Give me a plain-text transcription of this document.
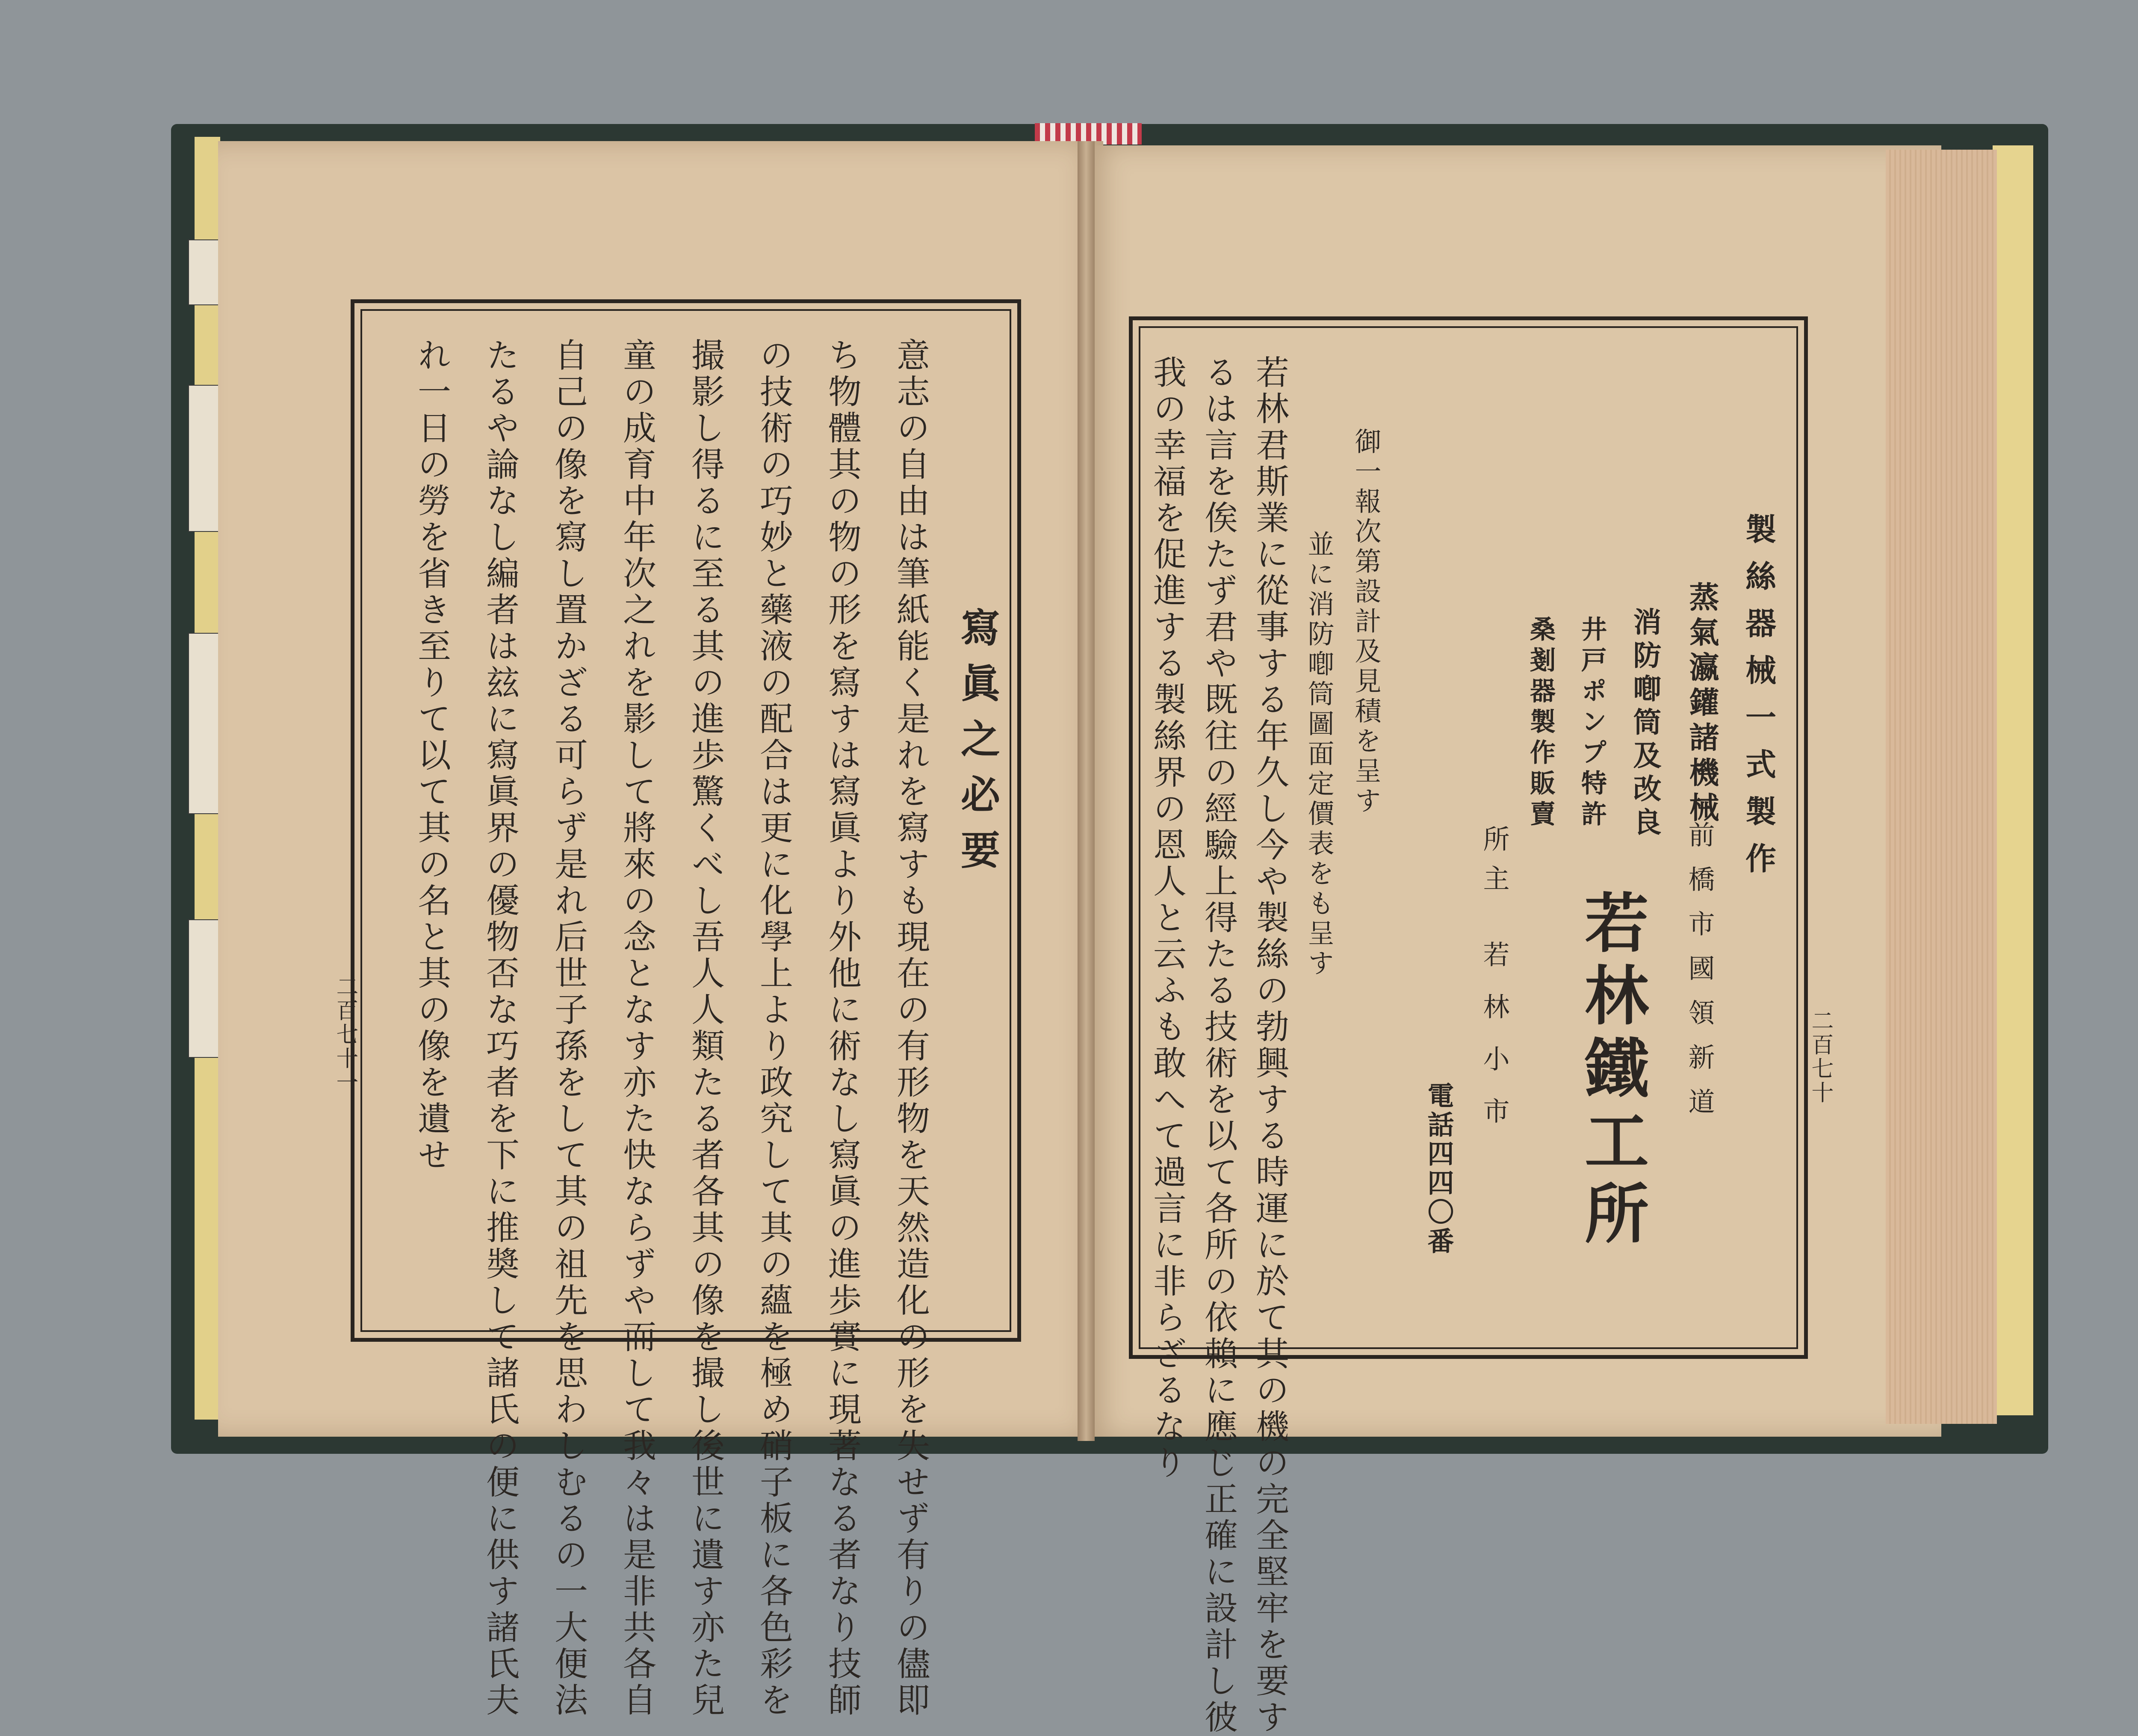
寫眞之必要
意志の自由は筆紙能く是れを寫すも現在の有形物を天然造化の形を失せず有りの儘即
ち物體其の物の形を寫すは寫眞より外他に術なし寫眞の進歩實に現著なる者なり技師
の技術の巧妙と藥液の配合は更に化學上より政究して其の蘊を極め硝子板に各色彩を
撮影し得るに至る其の進歩驚くべし吾人人類たる者各其の像を撮し後世に遺す亦た兒
童の成育中年次之れを影して將來の念となす亦た快ならずや而して我々は是非共各自
自己の像を寫し置かざる可らず是れ后世子孫をして其の祖先を思わしむるの一大便法
たるや論なし編者は玆に寫眞界の優物否な巧者を下に推奬して諸氏の便に供す諸氏夫
れ一日の勞を省き至りて以て其の名と其の像を遺せ
二百七十一	二百七十
製絲器械一式製作
蒸氣瀛鑵諸機械
消防喞筒及改良
井戸ポンプ特許
桑剗器製作販賣
前橋市國領新道
所主
若林小市 若林鐵工所
電話四四〇番
御一報次第設計及見積を呈す
並に消防喞筒圖面定價表をも呈す
若林君斯業に從事する年久し今や製絲の勃興する時運に於て其の機の完全堅牢を要す
るは言を俟たず君や既往の經驗上得たる技術を以て各所の依賴に應じ正確に設計し彼
我の幸福を促進する製絲界の恩人と云ふも敢へて過言に非らざるなり
